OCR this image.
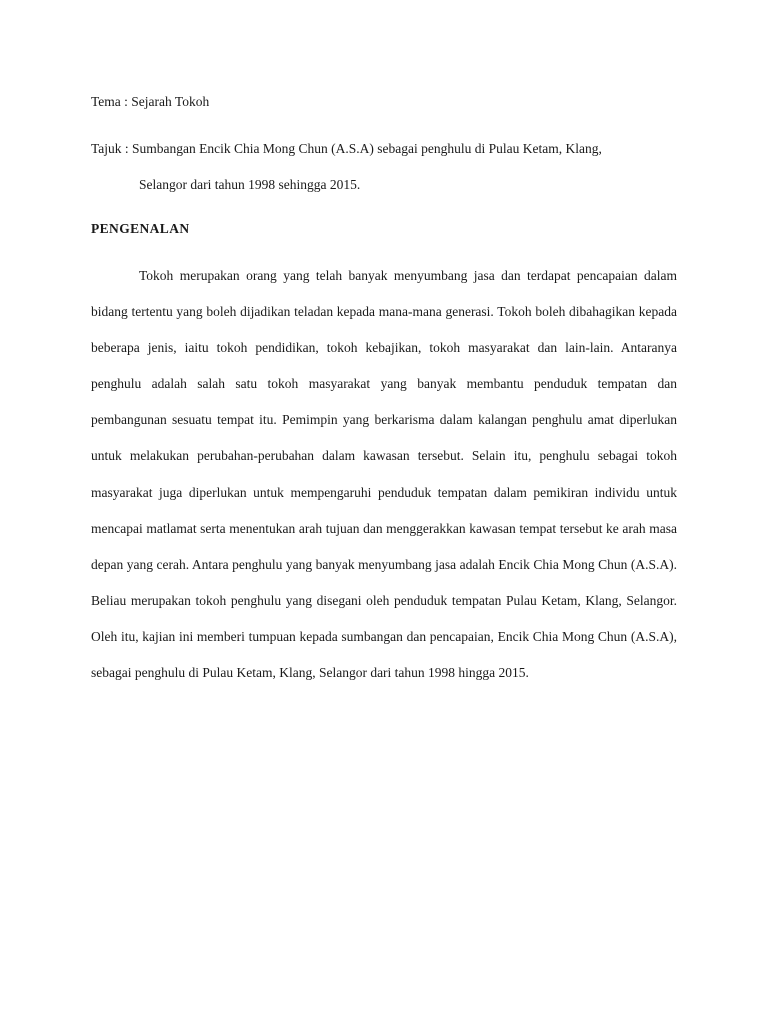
Tema : Sejarah Tokoh
Tajuk : Sumbangan Encik Chia Mong Chun (A.S.A) sebagai penghulu di Pulau Ketam, Klang,
Selangor dari tahun 1998 sehingga 2015.
PENGENALAN

Tokoh merupakan orang yang telah banyak menyumbang jasa dan terdapat pencapaian dalam bidang tertentu yang boleh dijadikan teladan kepada mana-mana generasi. Tokoh boleh dibahagikan kepada beberapa jenis, iaitu tokoh pendidikan, tokoh kebajikan, tokoh masyarakat dan lain-lain. Antaranya penghulu adalah salah satu tokoh masyarakat yang banyak membantu penduduk tempatan dan pembangunan sesuatu tempat itu. Pemimpin yang berkarisma dalam kalangan penghulu amat diperlukan untuk melakukan perubahan-perubahan dalam kawasan tersebut. Selain itu, penghulu sebagai tokoh masyarakat juga diperlukan untuk mempengaruhi penduduk tempatan dalam pemikiran individu untuk mencapai matlamat serta menentukan arah tujuan dan menggerakkan kawasan tempat tersebut ke arah masa depan yang cerah. Antara penghulu yang banyak menyumbang jasa adalah Encik Chia Mong Chun (A.S.A). Beliau merupakan tokoh penghulu yang disegani oleh penduduk tempatan Pulau Ketam, Klang, Selangor. Oleh itu, kajian ini memberi tumpuan kepada sumbangan dan pencapaian, Encik Chia Mong Chun (A.S.A), sebagai penghulu di Pulau Ketam, Klang, Selangor dari tahun 1998 hingga 2015.
